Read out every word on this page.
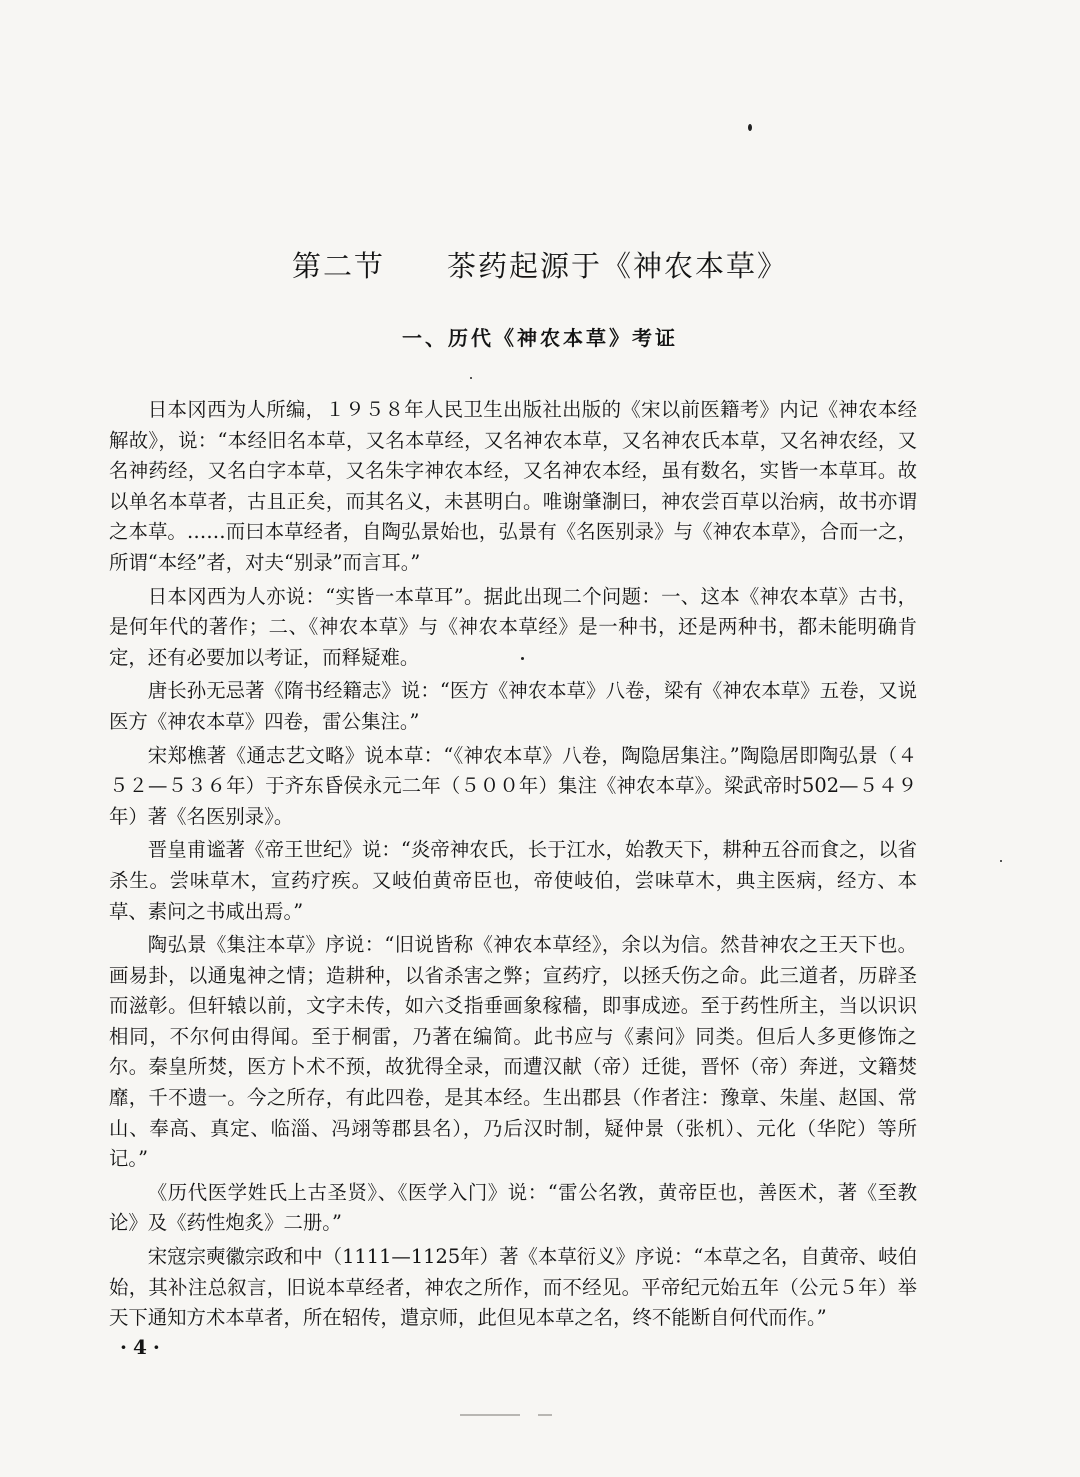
第二节　　茶药起源于《神农本草》
一、历代《神农本草》考证

日本冈西为人所编，１９５８年人民卫生出版社出版的《宋以前医籍考》内记《神农本经解故》，说：“本经旧名本草，又名本草经，又名神农本草，又名神农氏本草，又名神农经，又名神药经，又名白字本草，又名朱字神农本经，又名神农本经，虽有数名，实皆一本草耳。故以单名本草者，古且正矣，而其名义，未甚明白。唯谢肇淛曰，神农尝百草以治病，故书亦谓之本草。……而曰本草经者，自陶弘景始也，弘景有《名医别录》与《神农本草》，合而一之，所谓“本经”者，对夫“别录”而言耳。”

日本冈西为人亦说：“实皆一本草耳”。据此出现二个问题：一、这本《神农本草》古书，是何年代的著作；二、《神农本草》与《神农本草经》是一种书，还是两种书，都未能明确肯定，还有必要加以考证，而释疑难。

唐长孙无忌著《隋书经籍志》说：“医方《神农本草》八卷，梁有《神农本草》五卷，又说医方《神农本草》四卷，雷公集注。”

宋郑樵著《通志艺文略》说本草：“《神农本草》八卷，陶隐居集注。”陶隐居即陶弘景（４５２—５３６年）于齐东昏侯永元二年（５００年）集注《神农本草》。梁武帝时502—５４９年）著《名医别录》。

晋皇甫谧著《帝王世纪》说：“炎帝神农氏，长于江水，始教天下，耕种五谷而食之，以省杀生。尝味草木，宣药疗疾。又岐伯黄帝臣也，帝使岐伯，尝味草木，典主医病，经方、本草、素问之书咸出焉。”

陶弘景《集注本草》序说：“旧说皆称《神农本草经》，余以为信。然昔神农之王天下也。画易卦，以通鬼神之情；造耕种，以省杀害之弊；宣药疗，以拯夭伤之命。此三道者，历辟圣而滋彰。但轩辕以前，文字未传，如六爻指垂画象稼穑，即事成迹。至于药性所主，当以识识相同，不尔何由得闻。至于桐雷，乃著在编简。此书应与《素问》同类。但后人多更修饰之尔。秦皇所焚，医方卜术不预，故犹得全录，而遭汉献（帝）迁徙，晋怀（帝）奔迸，文籍焚靡，千不遗一。今之所存，有此四卷，是其本经。生出郡县（作者注：豫章、朱崖、赵国、常山、奉高、真定、临淄、冯翊等郡县名），乃后汉时制，疑仲景（张机）、元化（华陀）等所记。”

《历代医学姓氏上古圣贤》、《医学入门》说：“雷公名敩，黄帝臣也，善医术，著《至教论》及《药性炮炙》二册。”

宋寇宗奭徽宗政和中（1111—1125年）著《本草衍义》序说：“本草之名，自黄帝、岐伯始，其补注总叙言，旧说本草经者，神农之所作，而不经见。平帝纪元始五年（公元５年）举天下通知方术本草者，所在轺传，遣京师，此但见本草之名，终不能断自何代而作。”

·4·
